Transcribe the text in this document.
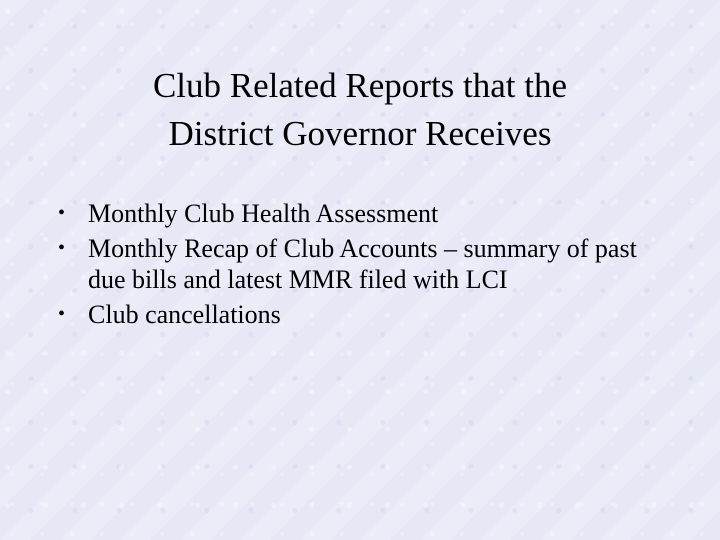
Club Related Reports that the
District Governor Receives
• Monthly Club Health Assessment
• Monthly Recap of Club Accounts – summary of past due bills and latest MMR filed with LCI
• Club cancellations
